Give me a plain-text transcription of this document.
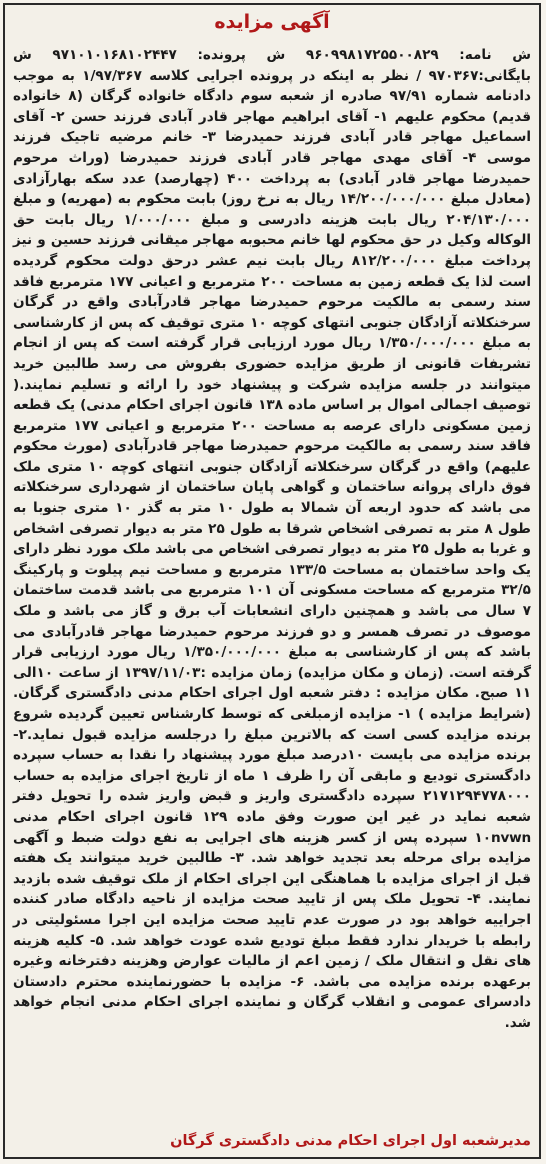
آگهی مزایده

ش نامه: ۹۶۰۹۹۸۱۷۲۵۵۰۰۸۲۹ ش پرونده: ۹۷۱۰۱۰۱۶۸۱۰۲۴۴۷ ش بایگانی:۹۷۰۳۶۷ / نظر به اینکه در پرونده اجرایی کلاسه ۱/۹۷/۳۶۷ به موجب دادنامه شماره ۹۷/۹۱ صادره از شعبه سوم دادگاه خانواده گرگان (۸ خانواده قدیم) محکوم علیهم ۱- آقای ابراهیم مهاجر قادر آبادی فرزند حسن ۲- آقای اسماعیل مهاجر قادر آبادی فرزند حمیدرضا ۳- خانم مرضیه تاجیک فرزند موسی ۴- آقای مهدی مهاجر قادر آبادی فرزند حمیدرضا (وراث مرحوم حمیدرضا مهاجر قادر آبادی) به پرداخت ۴۰۰ (چهارصد) عدد سکه بهارآزادی (معادل مبلغ ۱۴/۲۰۰/۰۰۰/۰۰۰ ریال به نرخ روز) بابت محکوم به (مهریه) و مبلغ ۲۰۴/۱۳۰/۰۰۰ ریال بابت هزینه دادرسی و مبلغ ۱/۰۰۰/۰۰۰ ریال بابت حق الوکاله وکیل در حق محکوم لها خانم محبوبه مهاجر میقانی فرزند حسین و نیز پرداخت مبلغ ۸۱۲/۲۰۰/۰۰۰ ریال بابت نیم عشر درحق دولت محکوم گردیده است لذا یک قطعه زمین به مساحت ۲۰۰ مترمربع و اعیانی ۱۷۷ مترمربع فاقد سند رسمی به مالکیت مرحوم حمیدرضا مهاجر قادرآبادی واقع در گرگان سرخنکلاته آزادگان جنوبی انتهای کوچه ۱۰ متری توقیف که پس از کارشناسی به مبلغ ۱/۳۵۰/۰۰۰/۰۰۰ ریال مورد ارزیابی قرار گرفته است که پس از انجام تشریفات قانونی از طریق مزایده حضوری بفروش می رسد طالبین خرید میتوانند در جلسه مزایده شرکت و پیشنهاد خود را ارائه و تسلیم نمایند.( توصیف اجمالی اموال بر اساس ماده ۱۳۸ قانون اجرای احکام مدنی) یک قطعه زمین مسکونی دارای عرصه به مساحت ۲۰۰ مترمربع و اعیانی ۱۷۷ مترمربع فاقد سند رسمی به مالکیت مرحوم حمیدرضا مهاجر قادرآبادی (مورث محکوم علیهم) واقع در گرگان سرخنکلاته آزادگان جنوبی انتهای کوچه ۱۰ متری ملک فوق دارای پروانه ساختمان و گواهی پایان ساختمان از شهرداری سرخنکلاته می باشد که حدود اربعه آن شمالا به طول ۱۰ متر به گذر ۱۰ متری جنوبا به طول ۸ متر به تصرفی اشخاص شرقا به طول ۲۵ متر به دیوار تصرفی اشخاص و غربا به طول ۲۵ متر به دیوار تصرفی اشخاص می باشد ملک مورد نظر دارای یک واحد ساختمان به مساحت ۱۳۳/۵ مترمربع و مساحت نیم پیلوت و پارکینگ ۳۲/۵ مترمربع که مساحت مسکونی آن ۱۰۱ مترمربع می باشد قدمت ساختمان ۷ سال می باشد و همچنین دارای انشعابات آب برق و گاز می باشد و ملک موصوف در تصرف همسر و دو فرزند مرحوم حمیدرضا مهاجر قادرآبادی می باشد که پس از کارشناسی به مبلغ ۱/۳۵۰/۰۰۰/۰۰۰ ریال مورد ارزیابی قرار گرفته است. (زمان و مکان مزایده) زمان مزایده :۱۳۹۷/۱۱/۰۳ از ساعت ۱۰الی ۱۱ صبح. مکان مزایده : دفتر شعبه اول اجرای احکام مدنی دادگستری گرگان. (شرایط مزایده ) ۱- مزایده ازمبلغی که توسط کارشناس تعیین گردیده شروع برنده مزایده کسی است که بالاترین مبلغ را درجلسه مزایده قبول نماید.۲- برنده مزایده می بایست ۱۰درصد مبلغ مورد پیشنهاد را نقدا به حساب سپرده دادگستری تودیع و مابقی آن را ظرف ۱ ماه از تاریخ اجرای مزایده به حساب ۲۱۷۱۲۹۴۷۷۸۰۰۰ سپرده دادگستری واریز و قبض واریز شده را تحویل دفتر شعبه نماید در غیر این صورت وفق ماده ۱۲۹ قانون اجرای احکام مدنی ۱۰nvwn سپرده پس از کسر هزینه های اجرایی به نفع دولت ضبط و آگهی مزایده برای مرحله بعد تجدید خواهد شد. ۳- طالبین خرید میتوانند یک هفته قبل از اجرای مزایده با هماهنگی این اجرای احکام از ملک توقیف شده بازدید نمایند. ۴- تحویل ملک پس از تایید صحت مزایده از ناحیه دادگاه صادر کننده اجراییه خواهد بود در صورت عدم تایید صحت مزایده این اجرا مسئولیتی در رابطه با خریدار ندارد فقط مبلغ تودیع شده عودت خواهد شد. ۵- کلیه هزینه های نقل و انتقال ملک / زمین اعم از مالیات عوارض وهزینه دفترخانه وغیره برعهده برنده مزایده می باشد. ۶- مزایده با حضورنماینده محترم دادستان دادسرای عمومی و انقلاب گرگان و نماینده اجرای احکام مدنی انجام خواهد شد.

مدیرشعبه اول اجرای احکام مدنی دادگستری گرگان
